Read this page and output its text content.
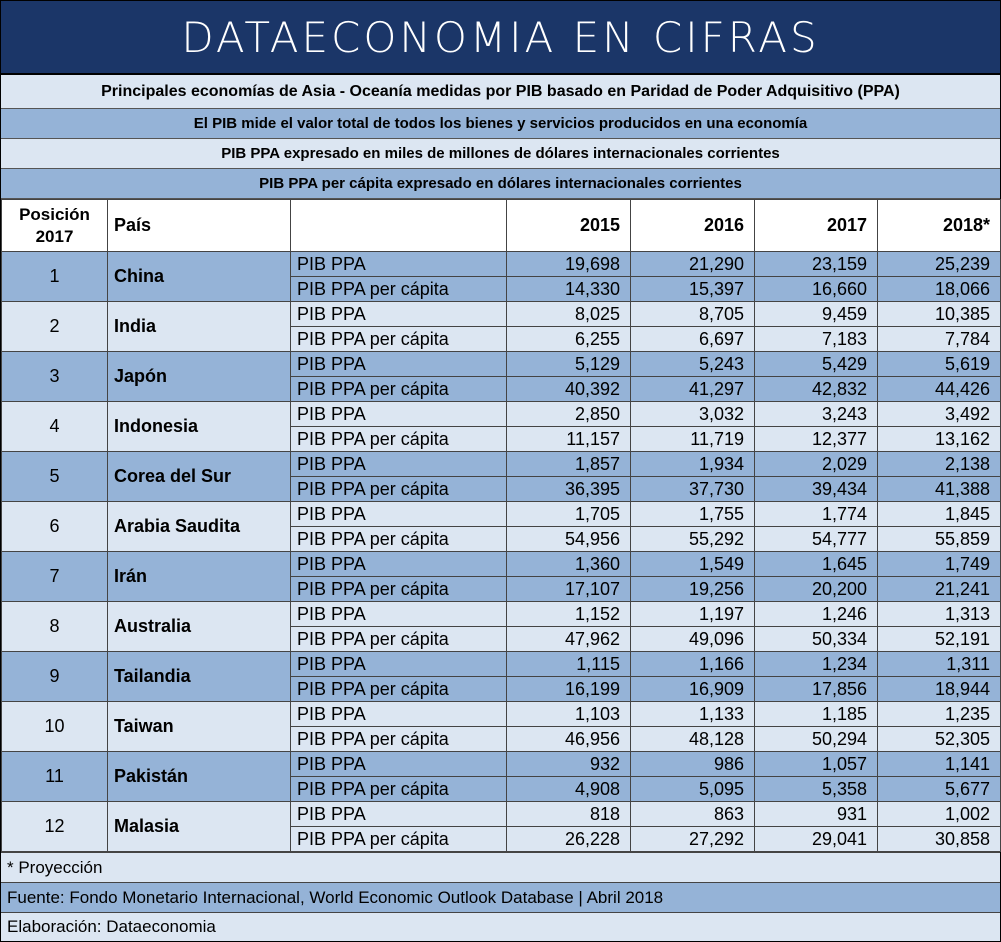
DATAECONOMIA EN CIFRAS
Principales economías de Asia - Oceanía medidas por PIB basado en Paridad de Poder Adquisitivo (PPA)
El PIB mide el valor total de todos los bienes y servicios producidos en una economía
PIB PPA expresado en miles de millones de dólares internacionales corrientes
PIB PPA per cápita expresado en dólares internacionales corrientes
Posición 2017	País		2015	2016	2017	2018*
1	China	PIB PPA	19,698	21,290	23,159	25,239
		PIB PPA per cápita	14,330	15,397	16,660	18,066
2	India	PIB PPA	8,025	8,705	9,459	10,385
		PIB PPA per cápita	6,255	6,697	7,183	7,784
3	Japón	PIB PPA	5,129	5,243	5,429	5,619
		PIB PPA per cápita	40,392	41,297	42,832	44,426
4	Indonesia	PIB PPA	2,850	3,032	3,243	3,492
		PIB PPA per cápita	11,157	11,719	12,377	13,162
5	Corea del Sur	PIB PPA	1,857	1,934	2,029	2,138
		PIB PPA per cápita	36,395	37,730	39,434	41,388
6	Arabia Saudita	PIB PPA	1,705	1,755	1,774	1,845
		PIB PPA per cápita	54,956	55,292	54,777	55,859
7	Irán	PIB PPA	1,360	1,549	1,645	1,749
		PIB PPA per cápita	17,107	19,256	20,200	21,241
8	Australia	PIB PPA	1,152	1,197	1,246	1,313
		PIB PPA per cápita	47,962	49,096	50,334	52,191
9	Tailandia	PIB PPA	1,115	1,166	1,234	1,311
		PIB PPA per cápita	16,199	16,909	17,856	18,944
10	Taiwan	PIB PPA	1,103	1,133	1,185	1,235
		PIB PPA per cápita	46,956	48,128	50,294	52,305
11	Pakistán	PIB PPA	932	986	1,057	1,141
		PIB PPA per cápita	4,908	5,095	5,358	5,677
12	Malasia	PIB PPA	818	863	931	1,002
		PIB PPA per cápita	26,228	27,292	29,041	30,858
* Proyección
Fuente: Fondo Monetario Internacional, World Economic Outlook Database | Abril 2018
Elaboración: Dataeconomia
